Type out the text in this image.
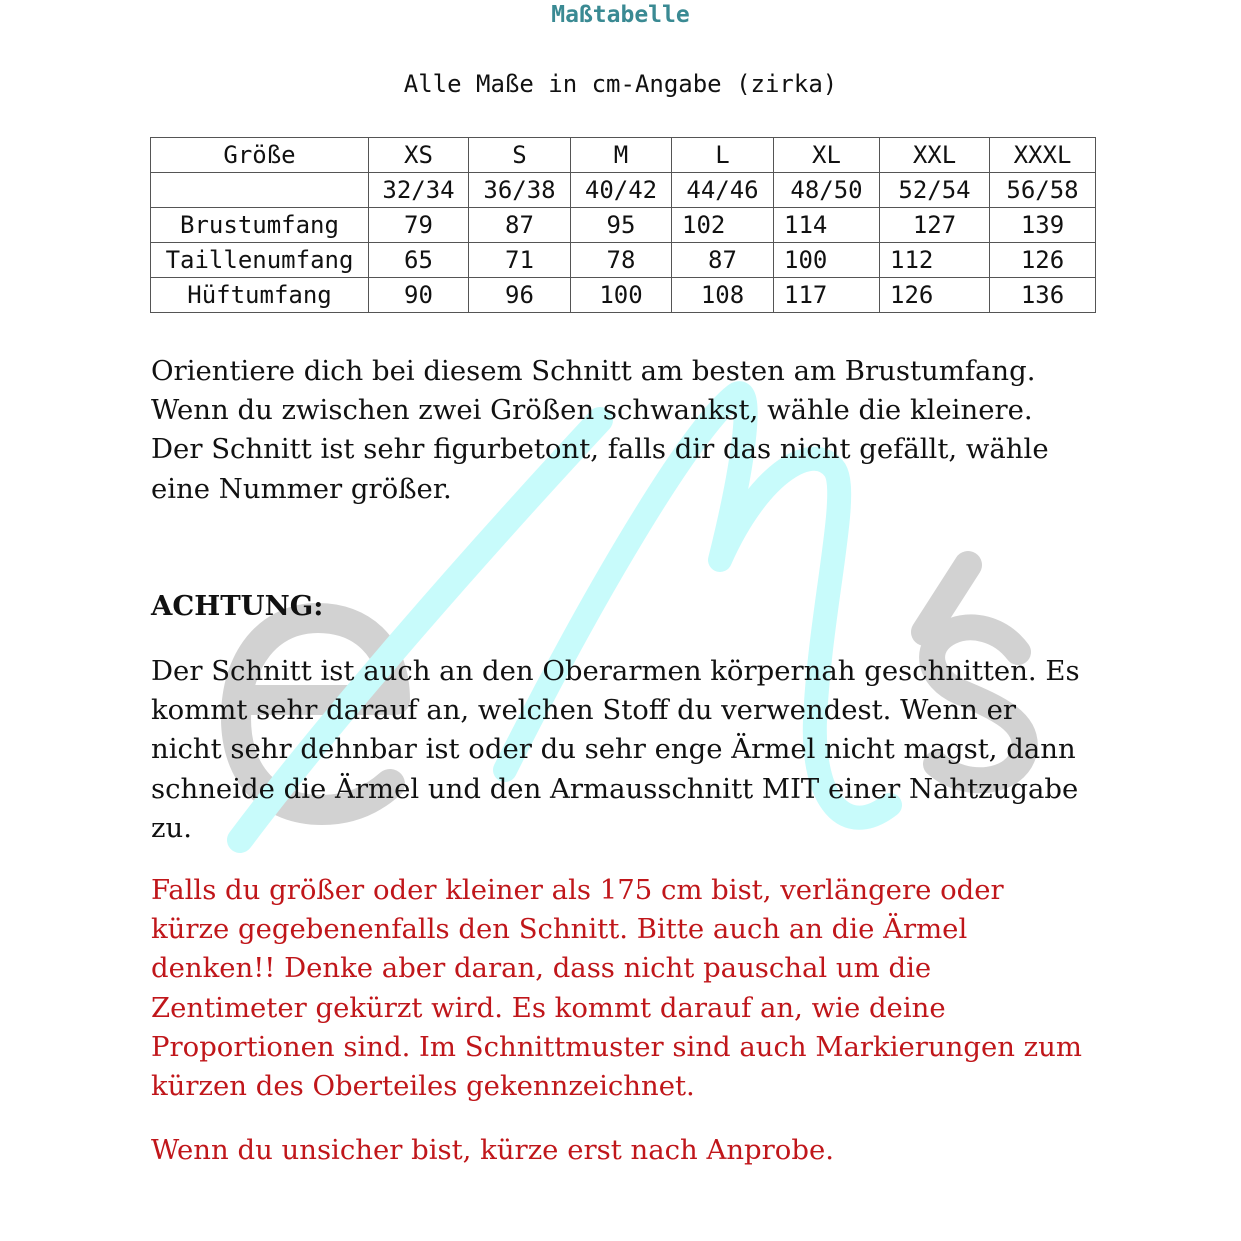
Maßtabelle
Alle Maße in cm-Angabe (zirka)
Größe	XS	S	M	L	XL	XXL	XXXL
	32/34	36/38	40/42	44/46	48/50	52/54	56/58
Brustumfang	79	87	95	102	114	127	139
Taillenumfang	65	71	78	87	100	112	126
Hüftumfang	90	96	100	108	117	126	136

Orientiere dich bei diesem Schnitt am besten am Brustumfang.
Wenn du zwischen zwei Größen schwankst, wähle die kleinere.
Der Schnitt ist sehr figurbetont, falls dir das nicht gefällt, wähle
eine Nummer größer.

ACHTUNG:

Der Schnitt ist auch an den Oberarmen körpernah geschnitten. Es
kommt sehr darauf an, welchen Stoff du verwendest. Wenn er
nicht sehr dehnbar ist oder du sehr enge Ärmel nicht magst, dann
schneide die Ärmel und den Armausschnitt MIT einer Nahtzugabe
zu.

Falls du größer oder kleiner als 175 cm bist, verlängere oder
kürze gegebenenfalls den Schnitt. Bitte auch an die Ärmel
denken!! Denke aber daran, dass nicht pauschal um die
Zentimeter gekürzt wird. Es kommt darauf an, wie deine
Proportionen sind. Im Schnittmuster sind auch Markierungen zum
kürzen des Oberteiles gekennzeichnet.

Wenn du unsicher bist, kürze erst nach Anprobe.
